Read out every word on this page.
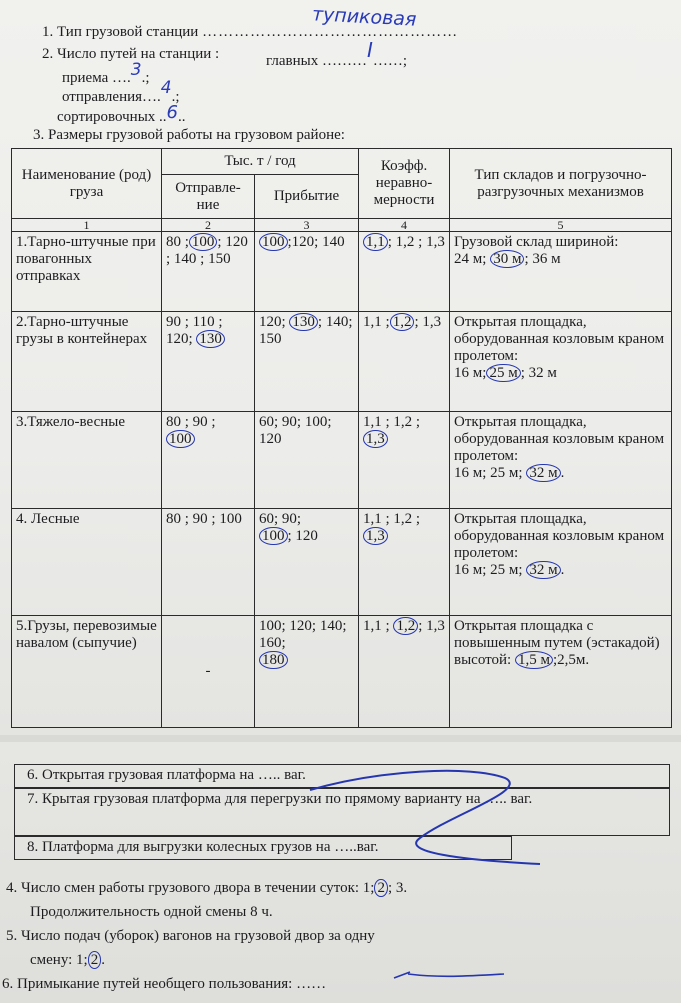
1. Тип грузовой станции …………………………………………
тупиковая
2. Число путей на станции :	главных ………I……;
приема ….3.;
отправления….4.;
сортировочных ..6..
3. Размеры грузовой работы на грузовом районе:
Наименование (род) груза	Тыс. т / год		Коэфф. неравно-мерности	Тип складов и погрузочно-разгрузочных механизмов
	Отправле-ние	Прибытие		
1	2	3	4	5
1.Тарно-штучные при повагонных отправках	80 ; 100 ; 120 ; 140 ; 150	100 ;120; 140	1,1 ; 1,2 ; 1,3	Грузовой склад шириной:
24 м; 30 м ; 36 м
2.Тарно-штучные грузы в контейнерах	90 ; 110 ; 120; 130	120; 130 ; 140; 150	1,1 ; 1,2 ; 1,3	Открытая площадка, оборудованная козловым краном пролетом:
16 м; 25 м ; 32 м
3.Тяжело-весные	80 ; 90 ;
100	60; 90; 100; 120	1,1 ; 1,2 ;
1,3	Открытая площадка, оборудованная козловым краном пролетом:
16 м; 25 м; 32 м .
4. Лесные	80 ; 90 ; 100	60; 90;
100 ; 120	1,1 ; 1,2 ;
1,3	Открытая площадка, оборудованная козловым краном пролетом:
16 м; 25 м; 32 м .
5.Грузы, перевозимые навалом (сыпучие)	-	100; 120; 140; 160;
180	1,1 ; 1,2 ; 1,3	Открытая площадка с повышенным путем (эстакадой) высотой: 1,5 м ;2,5м.
6. Открытая грузовая платформа на ….. ваг.
7. Крытая грузовая платформа для перегрузки по прямому варианту на ….. ваг.
8. Платформа для выгрузки колесных грузов на …..ваг.
4. Число смен работы грузового двора в течении суток: 1; 2 ; 3.
Продолжительность одной смены 8 ч.
5. Число подач (уборок) вагонов на грузовой двор за одну
смену: 1; 2 .
6. Примыкание путей необщего пользования: ……
